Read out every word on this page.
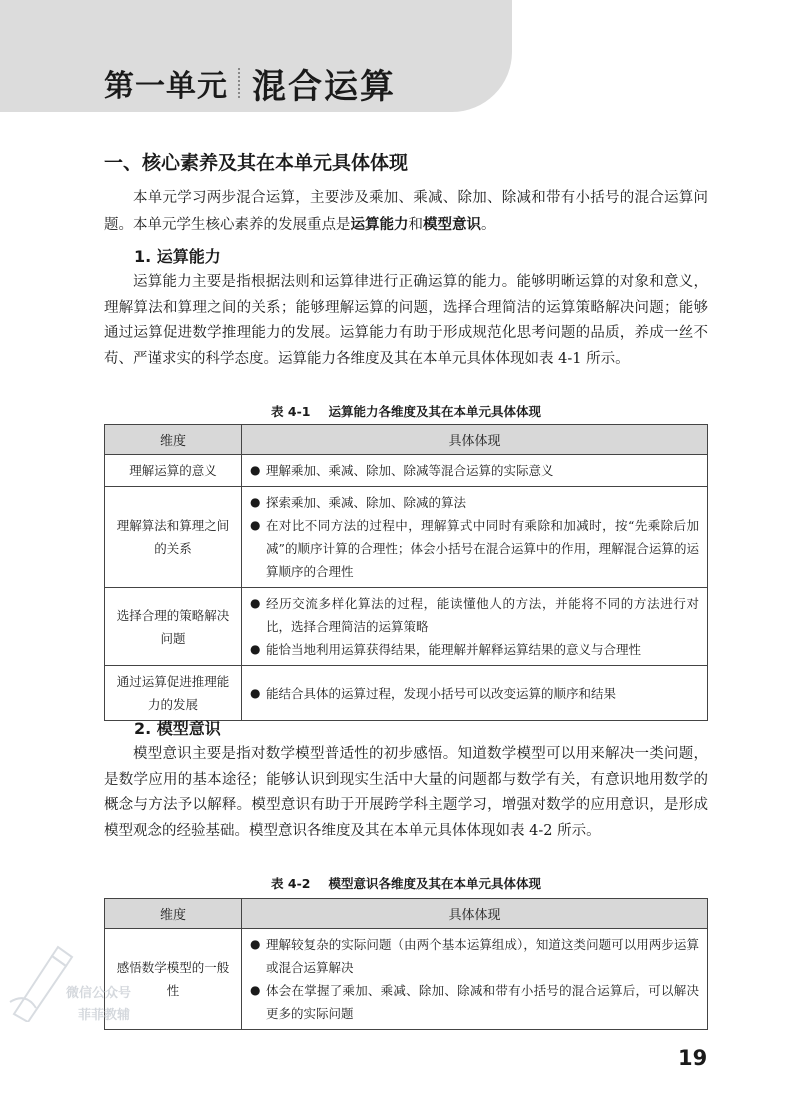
第一单元 混合运算
一、核心素养及其在本单元具体体现

本单元学习两步混合运算，主要涉及乘加、乘减、除加、除减和带有小括号的混合运算问题。本单元学生核心素养的发展重点是运算能力和模型意识。

1. 运算能力

运算能力主要是指根据法则和运算律进行正确运算的能力。能够明晰运算的对象和意义，理解算法和算理之间的关系；能够理解运算的问题，选择合理简洁的运算策略解决问题；能够通过运算促进数学推理能力的发展。运算能力有助于形成规范化思考问题的品质，养成一丝不苟、严谨求实的科学态度。运算能力各维度及其在本单元具体体现如表 4-1 所示。

表 4-1 运算能力各维度及其在本单元具体体现
维度	具体体现
理解运算的意义	● 理解乘加、乘减、除加、除减等混合运算的实际意义

理解算法和算理之间的关系	● 探索乘加、乘减、除加、除减的算法
● 在对比不同方法的过程中，理解算式中同时有乘除和加减时，按“先乘除后加减”的顺序计算的合理性；体会小括号在混合运算中的作用，理解混合运算的运算顺序的合理性

选择合理的策略解决问题	● 经历交流多样化算法的过程，能读懂他人的方法，并能将不同的方法进行对比，选择合理简洁的运算策略
● 能恰当地利用运算获得结果，能理解并解释运算结果的意义与合理性

通过运算促进推理能力的发展	● 能结合具体的运算过程，发现小括号可以改变运算的顺序和结果
2. 模型意识

模型意识主要是指对数学模型普适性的初步感悟。知道数学模型可以用来解决一类问题，是数学应用的基本途径；能够认识到现实生活中大量的问题都与数学有关，有意识地用数学的概念与方法予以解释。模型意识有助于开展跨学科主题学习，增强对数学的应用意识，是形成模型观念的经验基础。模型意识各维度及其在本单元具体体现如表 4-2 所示。

表 4-2 模型意识各维度及其在本单元具体体现
维度	具体体现
感悟数学模型的一般性	● 理解较复杂的实际问题（由两个基本运算组成），知道这类问题可以用两步运算或混合运算解决
● 体会在掌握了乘加、乘减、除加、除减和带有小括号的混合运算后，可以解决更多的实际问题
微信公众号
菲菲教辅
19
